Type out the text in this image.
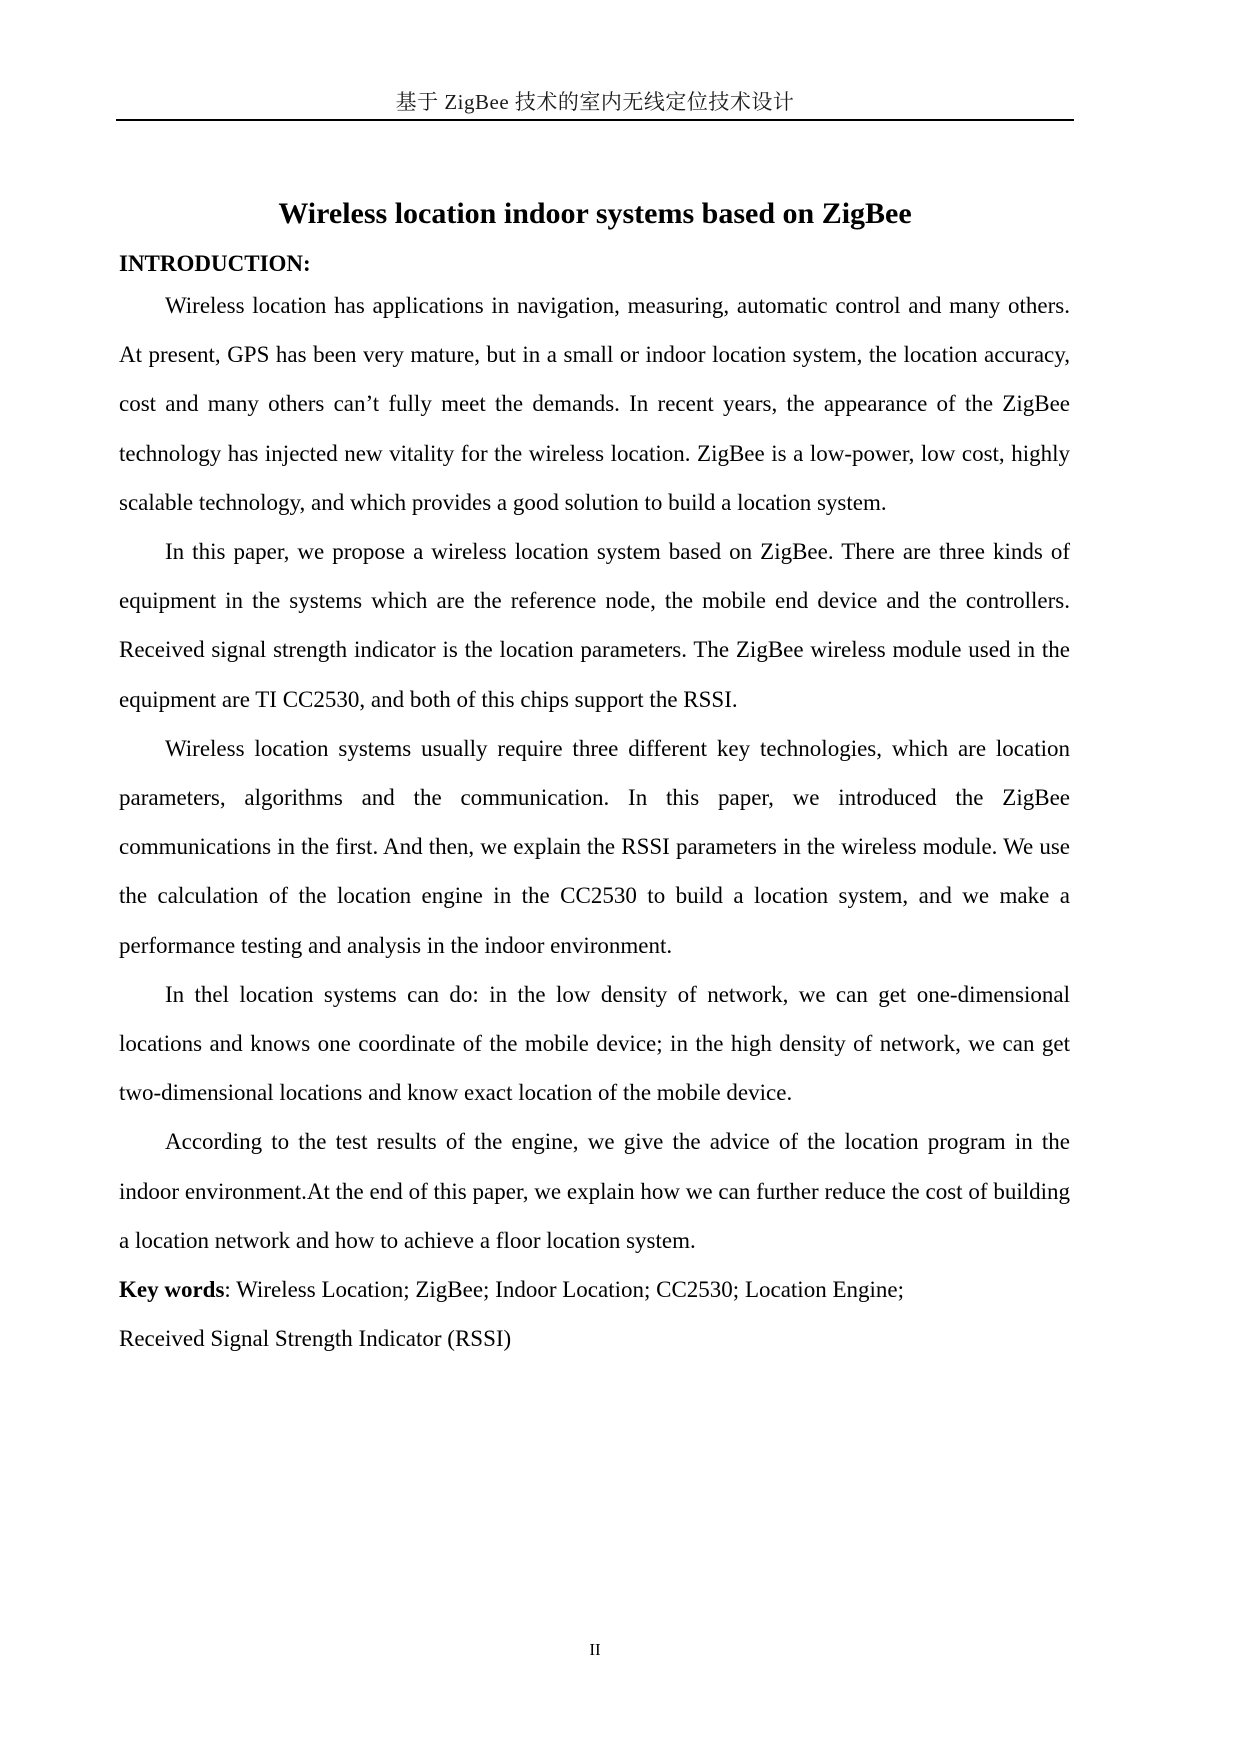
基于 ZigBee 技术的室内无线定位技术设计
Wireless location indoor systems based on ZigBee

INTRODUCTION:

Wireless location has applications in navigation, measuring, automatic control and many others. At present, GPS has been very mature, but in a small or indoor location system, the location accuracy, cost and many others can’t fully meet the demands. In recent years, the appearance of the ZigBee technology has injected new vitality for the wireless location. ZigBee is a low-power, low cost, highly scalable technology, and which provides a good solution to build a location system.

In this paper, we propose a wireless location system based on ZigBee. There are three kinds of equipment in the systems which are the reference node, the mobile end device and the controllers. Received signal strength indicator is the location parameters. The ZigBee wireless module used in the equipment are TI CC2530, and both of this chips support the RSSI.

Wireless location systems usually require three different key technologies, which are location parameters, algorithms and the communication. In this paper, we introduced the ZigBee communications in the first. And then, we explain the RSSI parameters in the wireless module. We use the calculation of the location engine in the CC2530 to build a location system, and we make a performance testing and analysis in the indoor environment.

In thel location systems can do: in the low density of network, we can get one-dimensional locations and knows one coordinate of the mobile device; in the high density of network, we can get two-dimensional locations and know exact location of the mobile device.

According to the test results of the engine, we give the advice of the location program in the indoor environment.At the end of this paper, we explain how we can further reduce the cost of building a location network and how to achieve a floor location system.

Key words: Wireless Location; ZigBee; Indoor Location; CC2530; Location Engine;

Received Signal Strength Indicator (RSSI)

II
